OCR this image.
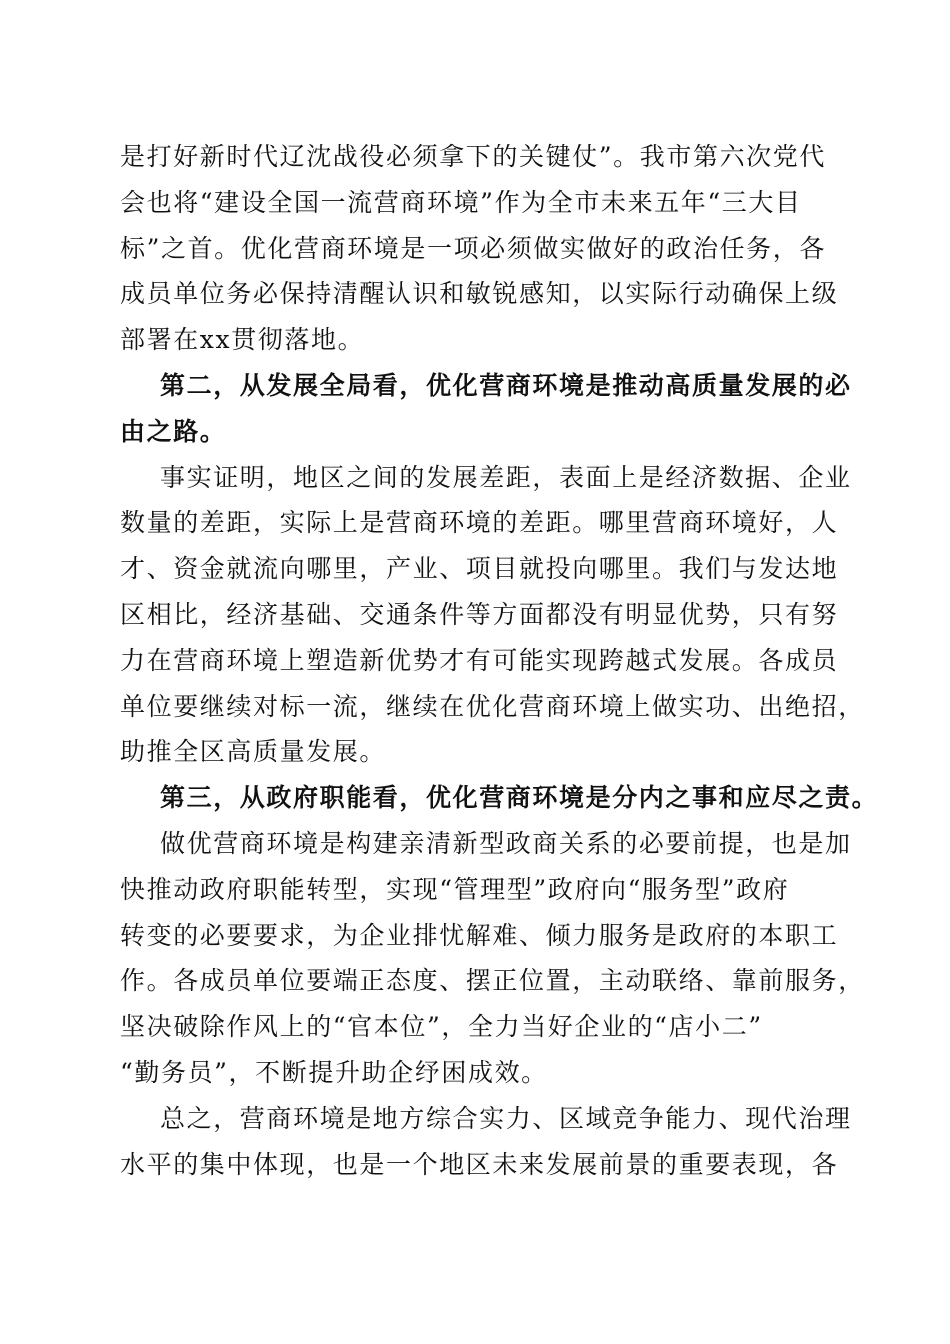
是打好新时代辽沈战役必须拿下的关键仗”。我市第六次党代
会也将“建设全国一流营商环境”作为全市未来五年“三大目
标”之首。优化营商环境是一项必须做实做好的政治任务，各
成员单位务必保持清醒认识和敏锐感知，以实际行动确保上级
部署在xx贯彻落地。

第二，从发展全局看，优化营商环境是推动高质量发展的必
由之路。

事实证明，地区之间的发展差距，表面上是经济数据、企业
数量的差距，实际上是营商环境的差距。哪里营商环境好，人
才、资金就流向哪里，产业、项目就投向哪里。我们与发达地
区相比，经济基础、交通条件等方面都没有明显优势，只有努
力在营商环境上塑造新优势才有可能实现跨越式发展。各成员
单位要继续对标一流，继续在优化营商环境上做实功、出绝招，
助推全区高质量发展。

第三，从政府职能看，优化营商环境是分内之事和应尽之责。

做优营商环境是构建亲清新型政商关系的必要前提，也是加
快推动政府职能转型，实现“管理型”政府向“服务型”政府
转变的必要要求，为企业排忧解难、倾力服务是政府的本职工
作。各成员单位要端正态度、摆正位置，主动联络、靠前服务，
坚决破除作风上的“官本位”，全力当好企业的“店小二”
“勤务员”，不断提升助企纾困成效。

总之，营商环境是地方综合实力、区域竞争能力、现代治理
水平的集中体现，也是一个地区未来发展前景的重要表现，各
